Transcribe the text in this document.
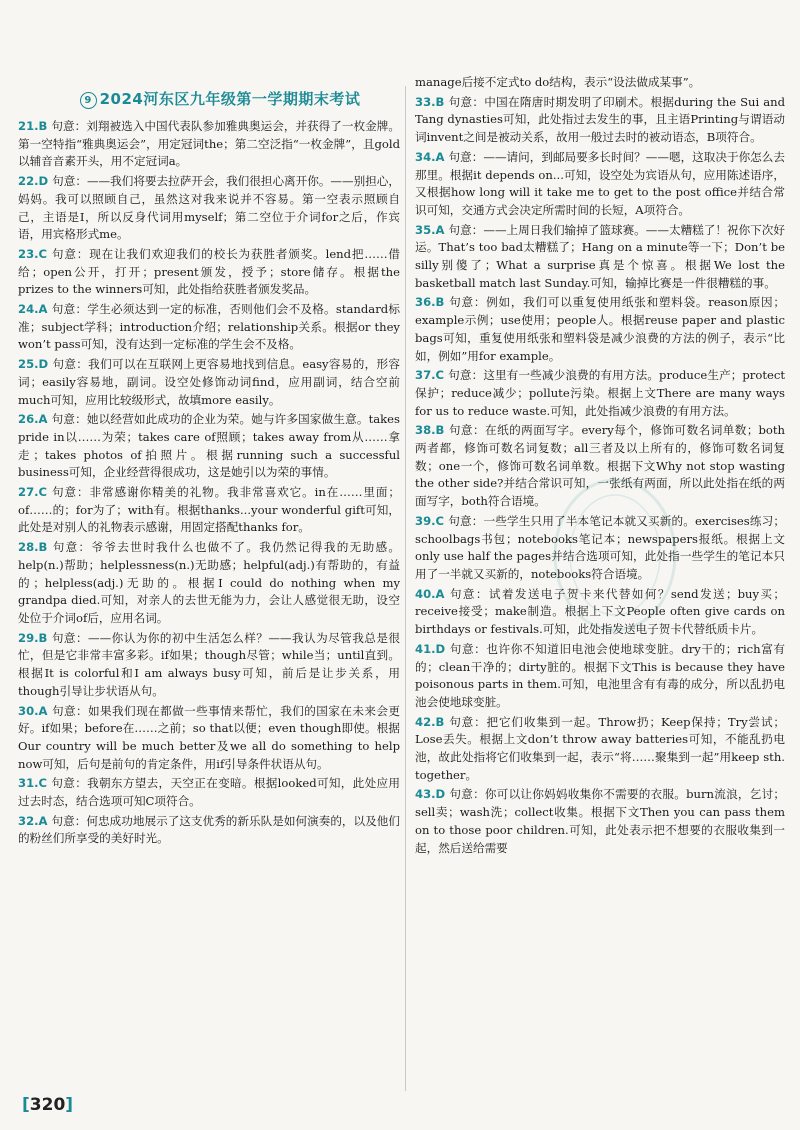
9 2024河东区九年级第一学期期末考试
21.B 句意：刘翔被选入中国代表队参加雅典奥运会，并获得了一枚金牌。第一空特指“雅典奥运会”，用定冠词the；第二空泛指“一枚金牌”，且gold以辅音音素开头，用不定冠词a。
22.D 句意：——我们将要去拉萨开会，我们很担心离开你。——别担心，妈妈。我可以照顾自己，虽然这对我来说并不容易。第一空表示照顾自己，主语是I，所以反身代词用myself；第二空位于介词for之后，作宾语，用宾格形式me。
23.C 句意：现在让我们欢迎我们的校长为获胜者颁奖。lend把……借给；open公开，打开；present颁发，授予；store储存。根据the prizes to the winners可知，此处指给获胜者颁发奖品。
24.A 句意：学生必须达到一定的标准，否则他们会不及格。standard标准；subject学科；introduction介绍；relationship关系。根据or they won’t pass可知，没有达到一定标准的学生会不及格。
25.D 句意：我们可以在互联网上更容易地找到信息。easy容易的，形容词；easily容易地，副词。设空处修饰动词find，应用副词，结合空前much可知，应用比较级形式，故填more easily。
26.A 句意：她以经营如此成功的企业为荣。她与许多国家做生意。takes pride in以……为荣；takes care of照顾；takes away from从……拿走；takes photos of拍照片。根据running such a successful business可知，企业经营得很成功，这是她引以为荣的事情。
27.C 句意：非常感谢你精美的礼物。我非常喜欢它。in在……里面；of……的；for为了；with有。根据thanks...your wonderful gift可知，此处是对别人的礼物表示感谢，用固定搭配thanks for。
28.B 句意：爷爷去世时我什么也做不了。我仍然记得我的无助感。help(n.)帮助；helplessness(n.)无助感；helpful(adj.)有帮助的，有益的；helpless(adj.)无助的。根据I could do nothing when my grandpa died.可知，对亲人的去世无能为力，会让人感觉很无助，设空处位于介词of后，应用名词。
29.B 句意：——你认为你的初中生活怎么样？——我认为尽管我总是很忙，但是它非常丰富多彩。if如果；though尽管；while当；until直到。根据It is colorful和I am always busy可知，前后是让步关系，用though引导让步状语从句。
30.A 句意：如果我们现在都做一些事情来帮忙，我们的国家在未来会更好。if如果；before在……之前；so that以便；even though即使。根据Our country will be much better及we all do something to help now可知，后句是前句的肯定条件，用if引导条件状语从句。
31.C 句意：我朝东方望去，天空正在变暗。根据looked可知，此处应用过去时态，结合选项可知C项符合。
32.A 句意：何忠成功地展示了这支优秀的新乐队是如何演奏的，以及他们的粉丝们所享受的美好时光。
manage后接不定式to do结构，表示“设法做成某事”。
33.B 句意：中国在隋唐时期发明了印刷术。根据during the Sui and Tang dynasties可知，此处指过去发生的事，且主语Printing与谓语动词invent之间是被动关系，故用一般过去时的被动语态，B项符合。
34.A 句意：——请问，到邮局要多长时间？——嗯，这取决于你怎么去那里。根据it depends on...可知，设空处为宾语从句，应用陈述语序，又根据how long will it take me to get to the post office并结合常识可知，交通方式会决定所需时间的长短，A项符合。
35.A 句意：——上周日我们输掉了篮球赛。——太糟糕了！祝你下次好运。That’s too bad太糟糕了；Hang on a minute等一下；Don’t be silly别傻了；What a surprise真是个惊喜。根据We lost the basketball match last Sunday.可知，输掉比赛是一件很糟糕的事。
36.B 句意：例如，我们可以重复使用纸张和塑料袋。reason原因；example示例；use使用；people人。根据reuse paper and plastic bags可知，重复使用纸张和塑料袋是减少浪费的方法的例子，表示“比如，例如”用for example。
37.C 句意：这里有一些减少浪费的有用方法。produce生产；protect保护；reduce减少；pollute污染。根据上文There are many ways for us to reduce waste.可知，此处指减少浪费的有用方法。
38.B 句意：在纸的两面写字。every每个，修饰可数名词单数；both两者都，修饰可数名词复数；all三者及以上所有的，修饰可数名词复数；one一个，修饰可数名词单数。根据下文Why not stop wasting the other side?并结合常识可知，一张纸有两面，所以此处指在纸的两面写字，both符合语境。
39.C 句意：一些学生只用了半本笔记本就又买新的。exercises练习；schoolbags书包；notebooks笔记本；newspapers报纸。根据上文only use half the pages并结合选项可知，此处指一些学生的笔记本只用了一半就又买新的，notebooks符合语境。
40.A 句意：试着发送电子贺卡来代替如何？send发送；buy买；receive接受；make制造。根据上下文People often give cards on birthdays or festivals.可知，此处指发送电子贺卡代替纸质卡片。
41.D 句意：也许你不知道旧电池会使地球变脏。dry干的；rich富有的；clean干净的；dirty脏的。根据下文This is because they have poisonous parts in them.可知，电池里含有有毒的成分，所以乱扔电池会使地球变脏。
42.B 句意：把它们收集到一起。Throw扔；Keep保持；Try尝试；Lose丢失。根据上文don’t throw away batteries可知，不能乱扔电池，故此处指将它们收集到一起，表示“将……聚集到一起”用keep sth. together。
43.D 句意：你可以让你妈妈收集你不需要的衣服。burn流浪，乞讨；sell卖；wash洗；collect收集。根据下文Then you can pass them on to those poor children.可知，此处表示把不想要的衣服收集到一起，然后送给需要
[320]
